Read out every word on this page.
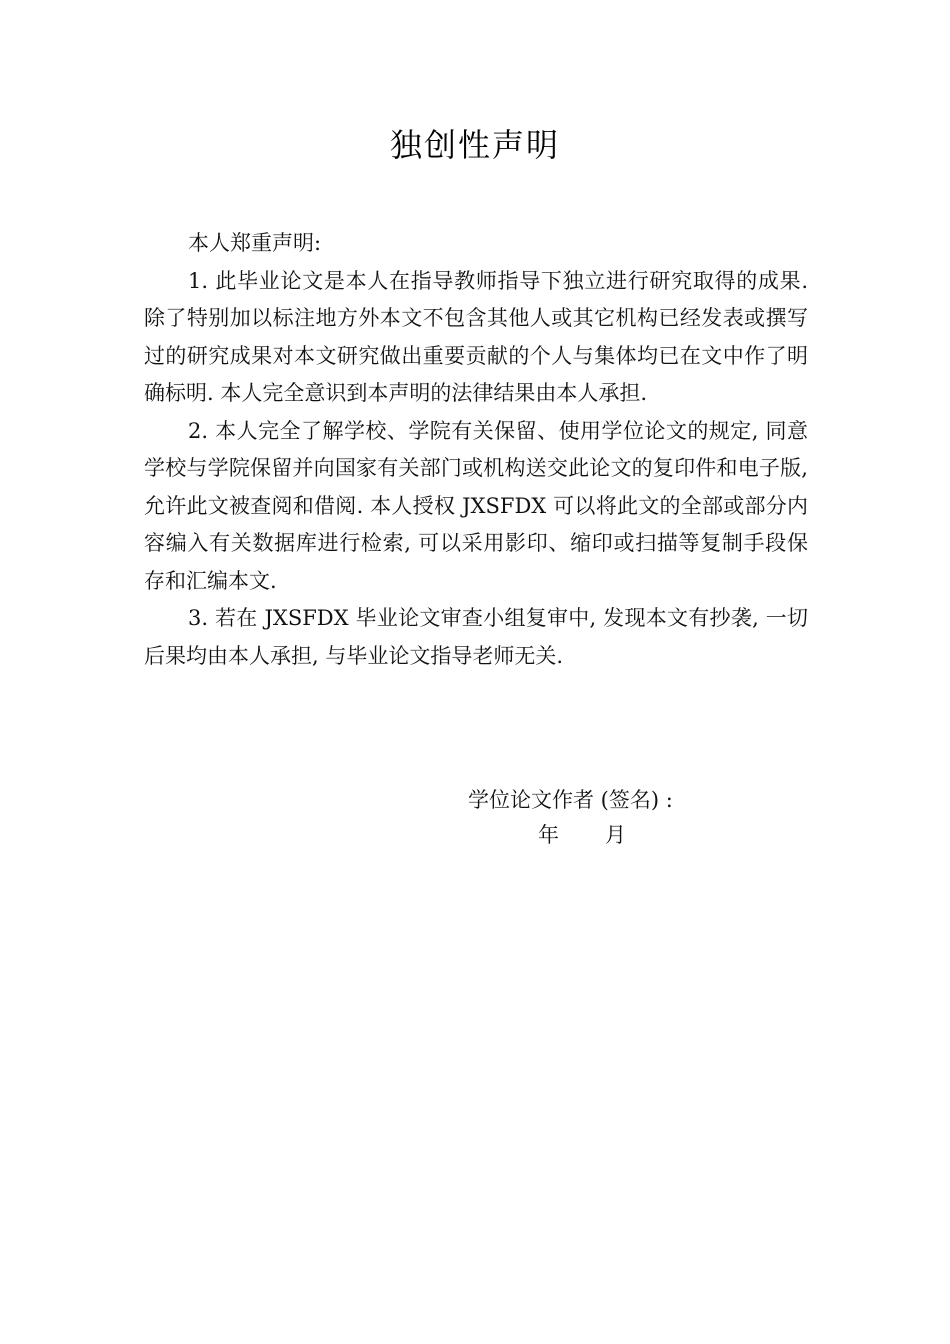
独创性声明

本人郑重声明:

1. 此毕业论文是本人在指导教师指导下独立进行研究取得的成果. 除了特别加以标注地方外本文不包含其他人或其它机构已经发表或撰写过的研究成果对本文研究做出重要贡献的个人与集体均已在文中作了明确标明. 本人完全意识到本声明的法律结果由本人承担.

2. 本人完全了解学校、学院有关保留、使用学位论文的规定, 同意学校与学院保留并向国家有关部门或机构送交此论文的复印件和电子版, 允许此文被查阅和借阅. 本人授权 JXSFDX 可以将此文的全部或部分内容编入有关数据库进行检索, 可以采用影印、缩印或扫描等复制手段保存和汇编本文.

3. 若在 JXSFDX 毕业论文审查小组复审中, 发现本文有抄袭, 一切后果均由本人承担, 与毕业论文指导老师无关.

学位论文作者 (签名) :
年 月
